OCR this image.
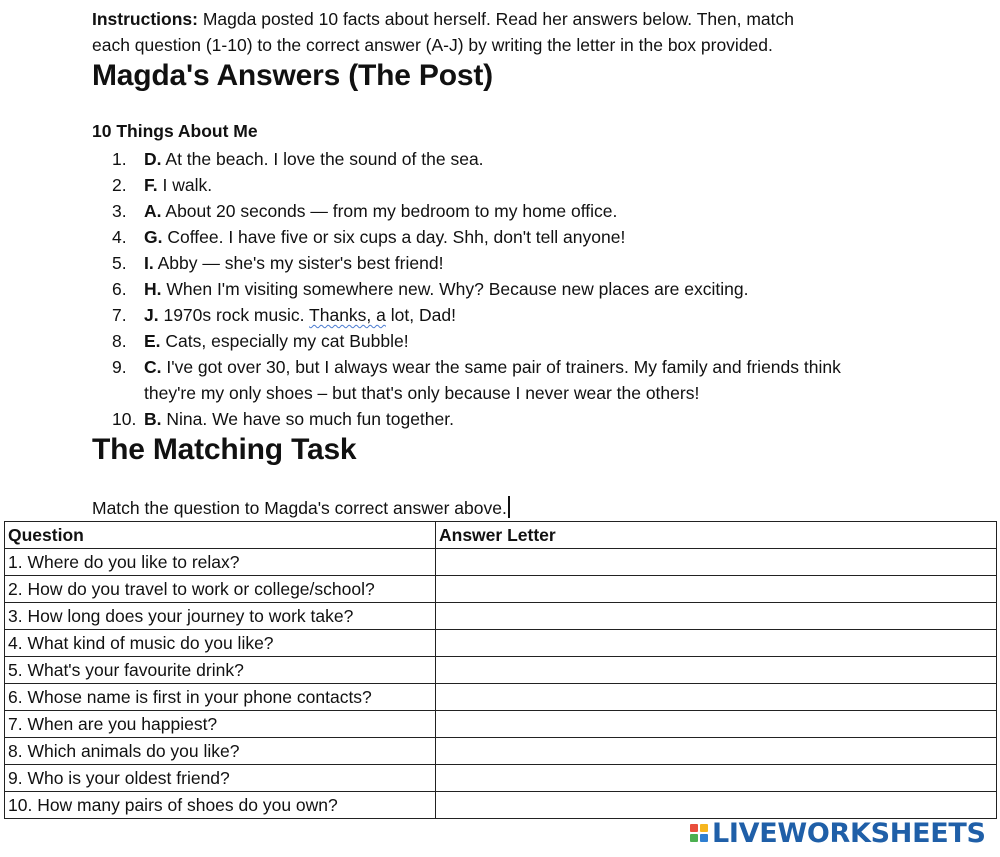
Instructions: Magda posted 10 facts about herself. Read her answers below. Then, match
each question (1-10) to the correct answer (A-J) by writing the letter in the box provided.

Magda's Answers (The Post)

10 Things About Me

1. D. At the beach. I love the sound of the sea.
2. F. I walk.
3. A. About 20 seconds — from my bedroom to my home office.
4. G. Coffee. I have five or six cups a day. Shh, don't tell anyone!
5. I. Abby — she's my sister's best friend!
6. H. When I'm visiting somewhere new. Why? Because new places are exciting.
7. J. 1970s rock music. Thanks, a lot, Dad!
8. E. Cats, especially my cat Bubble!
9. C. I've got over 30, but I always wear the same pair of trainers. My family and friends think they're my only shoes – but that's only because I never wear the others!
10. B. Nina. We have so much fun together.
The Matching Task

Match the question to Magda's correct answer above.

Question	Answer Letter
1. Where do you like to relax?	
2. How do you travel to work or college/school?	
3. How long does your journey to work take?	
4. What kind of music do you like?	
5. What's your favourite drink?	
6. Whose name is first in your phone contacts?	
7. When are you happiest?	
8. Which animals do you like?	
9. Who is your oldest friend?	
10. How many pairs of shoes do you own?	
LIVEWORKSHEETS
